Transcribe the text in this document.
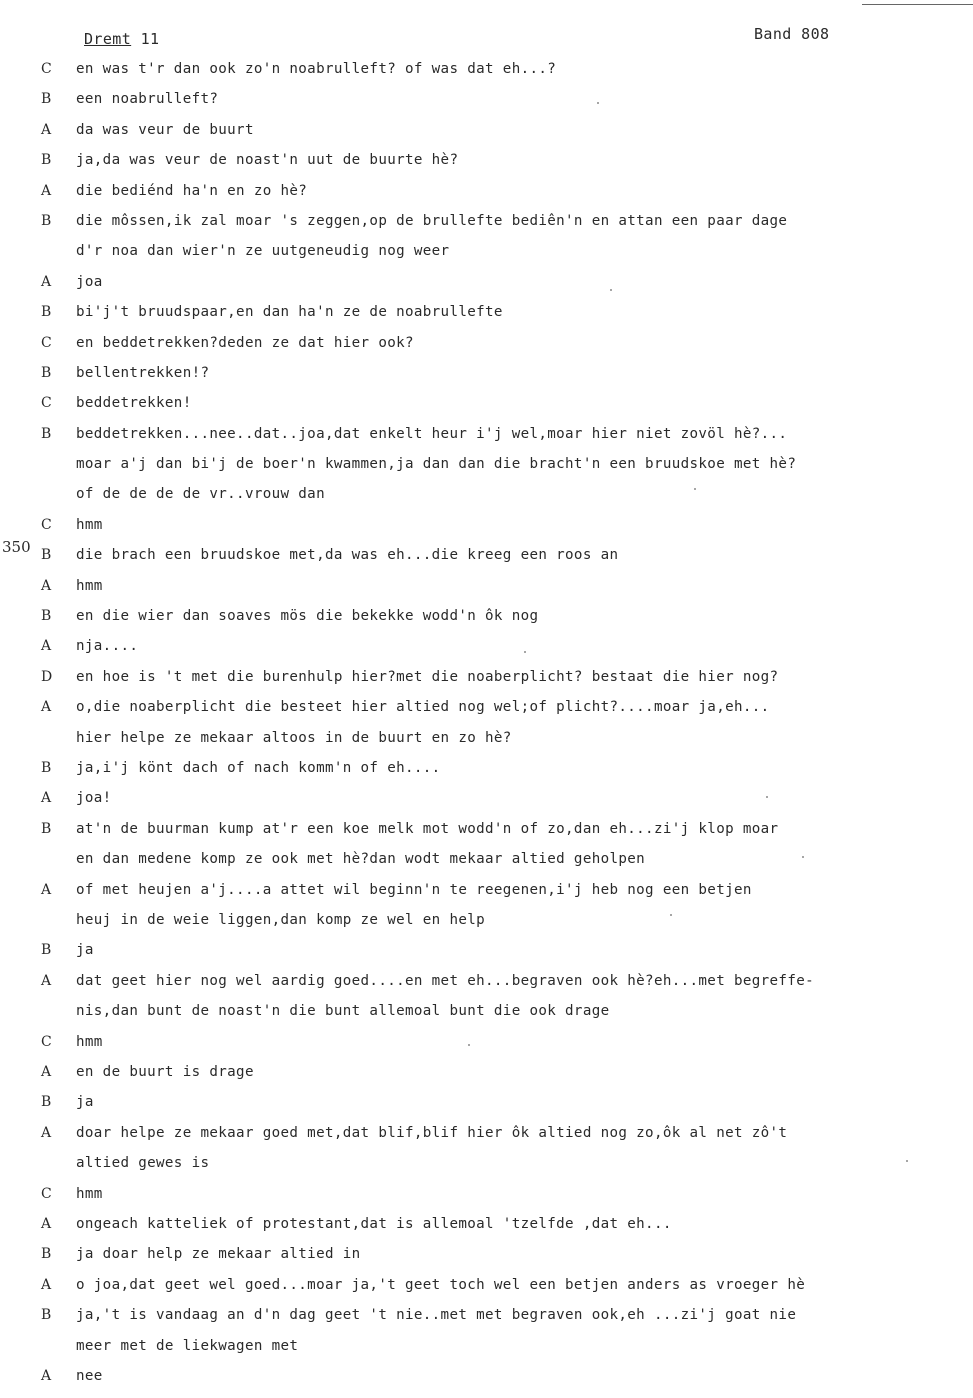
Dremt 11	Band 808
350
C en was t'r dan ook zo'n noabrulleft? of was dat eh...?
B een noabrulleft?
A da was veur de buurt
B ja,da was veur de noast'n uut de buurte hè?
A die bediénd ha'n en zo hè?
B die môssen,ik zal moar 's zeggen,op de brullefte bediên'n en attan een paar dage
d'r noa dan wier'n ze uutgeneudig nog weer
A joa
B bi'j't bruudspaar,en dan ha'n ze de noabrullefte
C en beddetrekken?deden ze dat hier ook?
B bellentrekken!?
C beddetrekken!
B beddetrekken...nee..dat..joa,dat enkelt heur i'j wel,moar hier niet zovöl hè?...
moar a'j dan bi'j de boer'n kwammen,ja dan dan die bracht'n een bruudskoe met hè?
of de de de de vr..vrouw dan
C hmm
B die brach een bruudskoe met,da was eh...die kreeg een roos an
A hmm
B en die wier dan soaves mös die bekekke wodd'n ôk nog
A nja....
D en hoe is 't met die burenhulp hier?met die noaberplicht? bestaat die hier nog?
A o,die noaberplicht die besteet hier altied nog wel;of plicht?....moar ja,eh...
hier helpe ze mekaar altoos in de buurt en zo hè?
B ja,i'j könt dach of nach komm'n of eh....
A joa!
B at'n de buurman kump at'r een koe melk mot wodd'n of zo,dan eh...zi'j klop moar
en dan medene komp ze ook met hè?dan wodt mekaar altied geholpen
A of met heujen a'j....a attet wil beginn'n te reegenen,i'j heb nog een betjen
heuj in de weie liggen,dan komp ze wel en help
B ja
A dat geet hier nog wel aardig goed....en met eh...begraven ook hè?eh...met begreffe-
nis,dan bunt de noast'n die bunt allemoal bunt die ook drage
C hmm
A en de buurt is drage
B ja
A doar helpe ze mekaar goed met,dat blif,blif hier ôk altied nog zo,ôk al net zô't
altied gewes is
C hmm
A ongeach katteliek of protestant,dat is allemoal 'tzelfde ,dat eh...
B ja doar help ze mekaar altied in
A o joa,dat geet wel goed...moar ja,'t geet toch wel een betjen anders as vroeger hè
B ja,'t is vandaag an d'n dag geet 't nie..met met begraven ook,eh ...zi'j goat nie
meer met de liekwagen met
A nee
